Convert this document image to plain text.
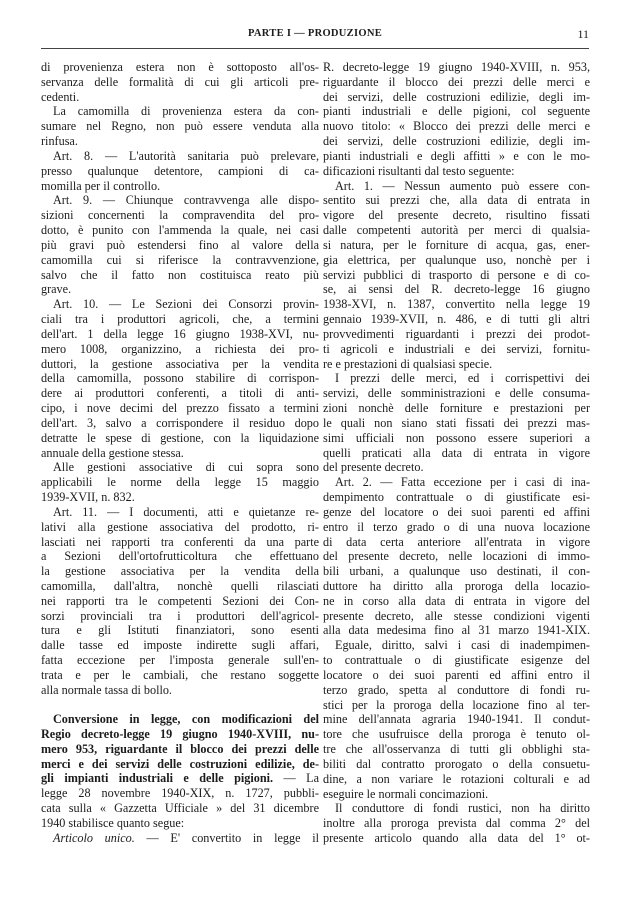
PARTE I — PRODUZIONE	11
di provenienza estera non è sottoposto all'os-
servanza delle formalità di cui gli articoli pre-
cedenti.
La camomilla di provenienza estera da con-
sumare nel Regno, non può essere venduta alla
rinfusa.
Art. 8. — L'autorità sanitaria può prelevare,
presso qualunque detentore, campioni di ca-
momilla per il controllo.
Art. 9. — Chiunque contravvenga alle dispo-
sizioni concernenti la compravendita del pro-
dotto, è punito con l'ammenda la quale, nei casi
più gravi può estendersi fino al valore della
camomilla cui si riferisce la contravvenzione,
salvo che il fatto non costituisca reato più
grave.
Art. 10. — Le Sezioni dei Consorzi provin-
ciali tra i produttori agricoli, che, a termini
dell'art. 1 della legge 16 giugno 1938-XVI, nu-
mero 1008, organizzino, a richiesta dei pro-
duttori, la gestione associativa per la vendita
della camomilla, possono stabilire di corrispon-
dere ai produttori conferenti, a titoli di anti-
cipo, i nove decimi del prezzo fissato a termini
dell'art. 3, salvo a corrispondere il residuo dopo
detratte le spese di gestione, con la liquidazione
annuale della gestione stessa.
Alle gestioni associative di cui sopra sono
applicabili le norme della legge 15 maggio
1939-XVII, n. 832.
Art. 11. — I documenti, atti e quietanze re-
lativi alla gestione associativa del prodotto, ri-
lasciati nei rapporti tra conferenti da una parte
a Sezioni dell'ortofrutticoltura che effettuano
la gestione associativa per la vendita della
camomilla, dall'altra, nonchè quelli rilasciati
nei rapporti tra le competenti Sezioni dei Con-
sorzi provinciali tra i produttori dell'agricol-
tura e gli Istituti finanziatori, sono esenti
dalle tasse ed imposte indirette sugli affari,
fatta eccezione per l'imposta generale sull'en-
trata e per le cambiali, che restano soggette
alla normale tassa di bollo.
Conversione in legge, con modificazioni del
Regio decreto-legge 19 giugno 1940-XVIII, nu-
mero 953, riguardante il blocco dei prezzi delle
merci e dei servizi delle costruzioni edilizie, de-
gli impianti industriali e delle pigioni. — La
legge 28 novembre 1940-XIX, n. 1727, pubbli-
cata sulla « Gazzetta Ufficiale » del 31 dicembre
1940 stabilisce quanto segue:
Articolo unico. — E' convertito in legge il
R. decreto-legge 19 giugno 1940-XVIII, n. 953,
riguardante il blocco dei prezzi delle merci e
dei servizi, delle costruzioni edilizie, degli im-
pianti industriali e delle pigioni, col seguente
nuovo titolo: « Blocco dei prezzi delle merci e
dei servizi, delle costruzioni edilizie, degli im-
pianti industriali e degli affitti » e con le mo-
dificazioni risultanti dal testo seguente:
Art. 1. — Nessun aumento può essere con-
sentito sui prezzi che, alla data di entrata in
vigore del presente decreto, risultino fissati
dalle competenti autorità per merci di qualsia-
si natura, per le forniture di acqua, gas, ener-
gia elettrica, per qualunque uso, nonchè per i
servizi pubblici di trasporto di persone e di co-
se, ai sensi del R. decreto-legge 16 giugno
1938-XVI, n. 1387, convertito nella legge 19
gennaio 1939-XVII, n. 486, e di tutti gli altri
provvedimenti riguardanti i prezzi dei prodot-
ti agricoli e industriali e dei servizi, fornitu-
re e prestazioni di qualsiasi specie.
I prezzi delle merci, ed i corrispettivi dei
servizi, delle somministrazioni e delle consuma-
zioni nonchè delle forniture e prestazioni per
le quali non siano stati fissati dei prezzi mas-
simi ufficiali non possono essere superiori a
quelli praticati alla data di entrata in vigore
del presente decreto.
Art. 2. — Fatta eccezione per i casi di ina-
dempimento contrattuale o di giustificate esi-
genze del locatore o dei suoi parenti ed affini
entro il terzo grado o di una nuova locazione
di data certa anteriore all'entrata in vigore
del presente decreto, nelle locazioni di immo-
bili urbani, a qualunque uso destinati, il con-
duttore ha diritto alla proroga della locazio-
ne in corso alla data di entrata in vigore del
presente decreto, alle stesse condizioni vigenti
alla data medesima fino al 31 marzo 1941-XIX.
Eguale, diritto, salvi i casi di inadempimen-
to contrattuale o di giustificate esigenze del
locatore o dei suoi parenti ed affini entro il
terzo grado, spetta al conduttore di fondi ru-
stici per la proroga della locazione fino al ter-
mine dell'annata agraria 1940-1941. Il condut-
tore che usufruisce della proroga è tenuto ol-
tre che all'osservanza di tutti gli obblighi sta-
biliti dal contratto prorogato o della consuetu-
dine, a non variare le rotazioni colturali e ad
eseguire le normali concimazioni.
Il conduttore di fondi rustici, non ha diritto
inoltre alla proroga prevista dal comma 2° del
presente articolo quando alla data del 1° ot-
